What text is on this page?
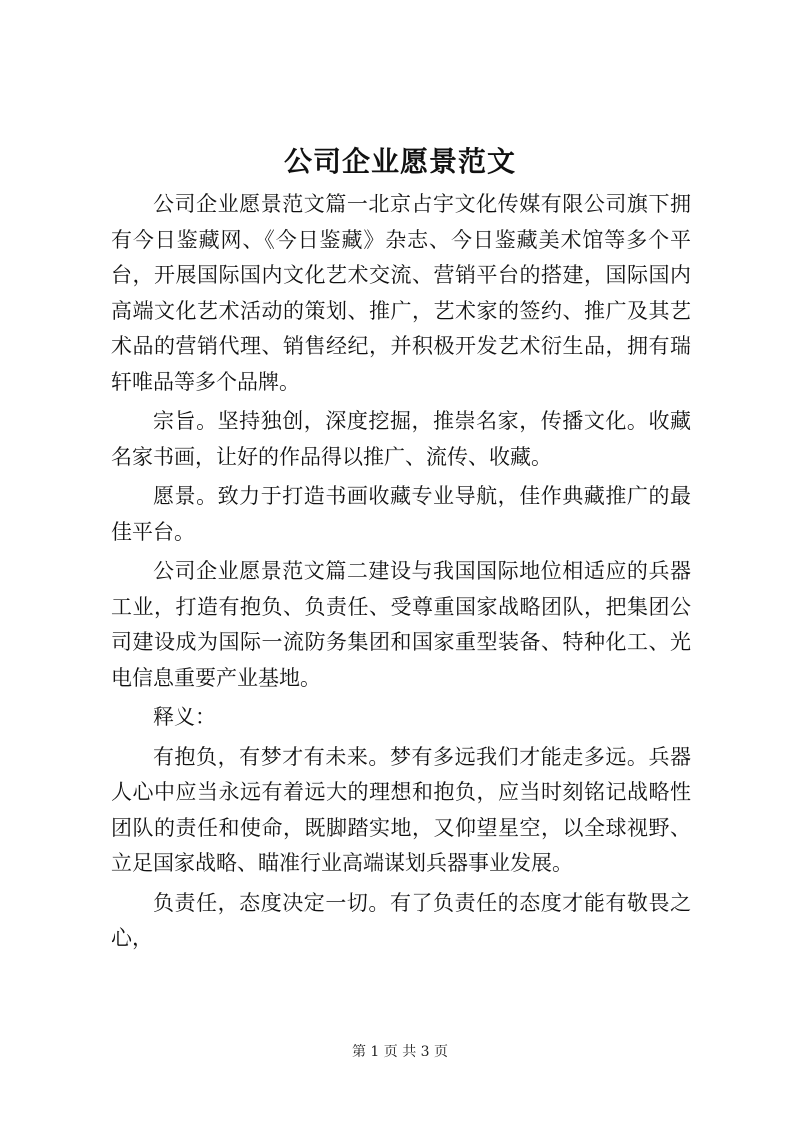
公司企业愿景范文

公司企业愿景范文篇一北京占宇文化传媒有限公司旗下拥有今日鉴藏网、《今日鉴藏》杂志、今日鉴藏美术馆等多个平台，开展国际国内文化艺术交流、营销平台的搭建，国际国内高端文化艺术活动的策划、推广，艺术家的签约、推广及其艺术品的营销代理、销售经纪，并积极开发艺术衍生品，拥有瑞轩唯品等多个品牌。

宗旨。坚持独创，深度挖掘，推崇名家，传播文化。收藏名家书画，让好的作品得以推广、流传、收藏。

愿景。致力于打造书画收藏专业导航，佳作典藏推广的最佳平台。

公司企业愿景范文篇二建设与我国国际地位相适应的兵器工业，打造有抱负、负责任、受尊重国家战略团队，把集团公司建设成为国际一流防务集团和国家重型装备、特种化工、光电信息重要产业基地。

释义：

有抱负，有梦才有未来。梦有多远我们才能走多远。兵器人心中应当永远有着远大的理想和抱负，应当时刻铭记战略性团队的责任和使命，既脚踏实地，又仰望星空，以全球视野、立足国家战略、瞄准行业高端谋划兵器事业发展。

负责任，态度决定一切。有了负责任的态度才能有敬畏之心，

第 1 页 共 3 页
